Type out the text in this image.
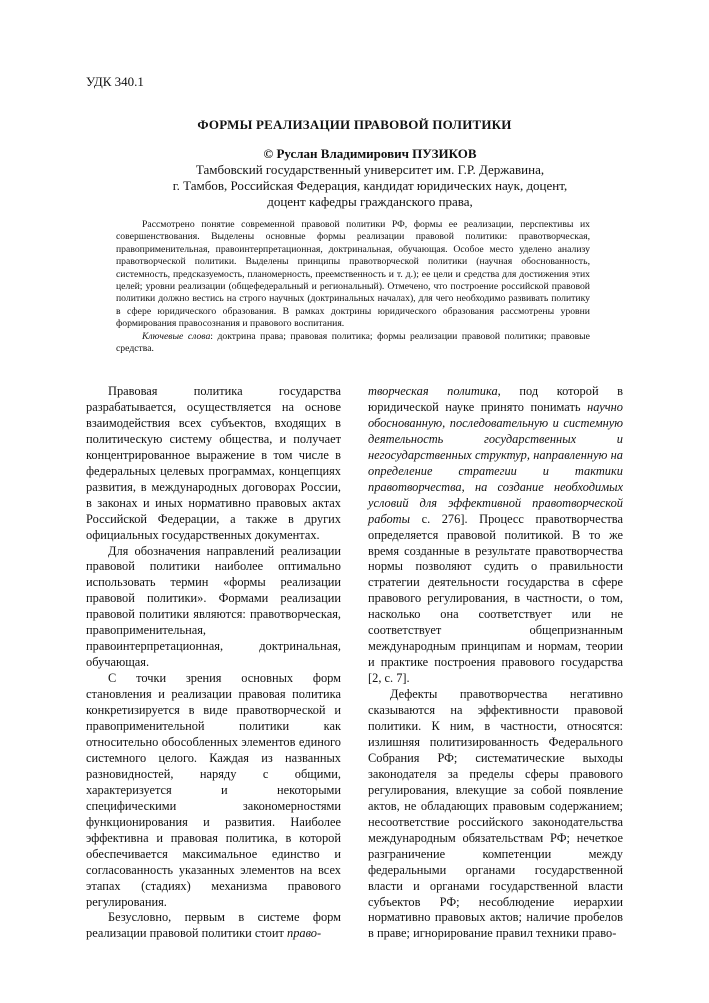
УДК 340.1
ФОРМЫ РЕАЛИЗАЦИИ ПРАВОВОЙ ПОЛИТИКИ
© Руслан Владимирович ПУЗИКОВ
Тамбовский государственный университет им. Г.Р. Державина,
г. Тамбов, Российская Федерация, кандидат юридических наук, доцент,
доцент кафедры гражданского права,

Рассмотрено понятие современной правовой политики РФ, формы ее реализации, перспективы их совершенствования. Выделены основные формы реализации правовой политики: правотворческая, правоприменительная, правоинтерпретационная, доктринальная, обучающая. Особое место уделено анализу правотворческой политики. Выделены принципы правотворческой политики (научная обоснованность, системность, предсказуемость, планомерность, преемственность и т. д.); ее цели и средства для достижения этих целей; уровни реализации (общефедеральный и региональный). Отмечено, что построение российской правовой политики должно вестись на строго научных (доктринальных началах), для чего необходимо развивать политику в сфере юридического образования. В рамках доктрины юридического образования рассмотрены уровни формирования правосознания и правового воспитания.

Ключевые слова: доктрина права; правовая политика; формы реализации правовой политики; правовые средства.

Правовая политика государства разрабатывается, осуществляется на основе взаимодействия всех субъектов, входящих в политическую систему общества, и получает концентрированное выражение в том числе в федеральных целевых программах, концепциях развития, в международных договорах России, в законах и иных нормативно правовых актах Российской Федерации, а также в других официальных государственных документах.

Для обозначения направлений реализации правовой политики наиболее оптимально использовать термин «формы реализации правовой политики». Формами реализации правовой политики являются: правотворческая, правоприменительная, правоинтерпретационная, доктринальная, обучающая.

С точки зрения основных форм становления и реализации правовая политика конкретизируется в виде правотворческой и правоприменительной политики как относительно обособленных элементов единого системного целого. Каждая из названных разновидностей, наряду с общими, характеризуется и некоторыми специфическими закономерностями функционирования и развития. Наиболее эффективна и правовая политика, в которой обеспечивается максимальное единство и согласованность указанных элементов на всех этапах (стадиях) механизма правового регулирования.

Безусловно, первым в системе форм реализации правовой политики стоит право-

творческая политика, под которой в юридической науке принято понимать научно обоснованную, последовательную и системную деятельность государственных и негосударственных структур, направленную на определение стратегии и тактики правотворчества, на создание необходимых условий для эффективной правотворческой работы с. 276]. Процесс правотворчества определяется правовой политикой. В то же время созданные в результате правотворчества нормы позволяют судить о правильности стратегии деятельности государства в сфере правового регулирования, в частности, о том, насколько она соответствует или не соответствует общепризнанным международным принципам и нормам, теории и практике построения правового государства [2, с. 7].

Дефекты правотворчества негативно сказываются на эффективности правовой политики. К ним, в частности, относятся: излишняя политизированность Федерального Собрания РФ; систематические выходы законодателя за пределы сферы правового регулирования, влекущие за собой появление актов, не обладающих правовым содержанием; несоответствие российского законодательства международным обязательствам РФ; нечеткое разграничение компетенции между федеральными органами государственной власти и органами государственной власти субъектов РФ; несоблюдение иерархии нормативно правовых актов; наличие пробелов в праве; игнорирование правил техники право-
